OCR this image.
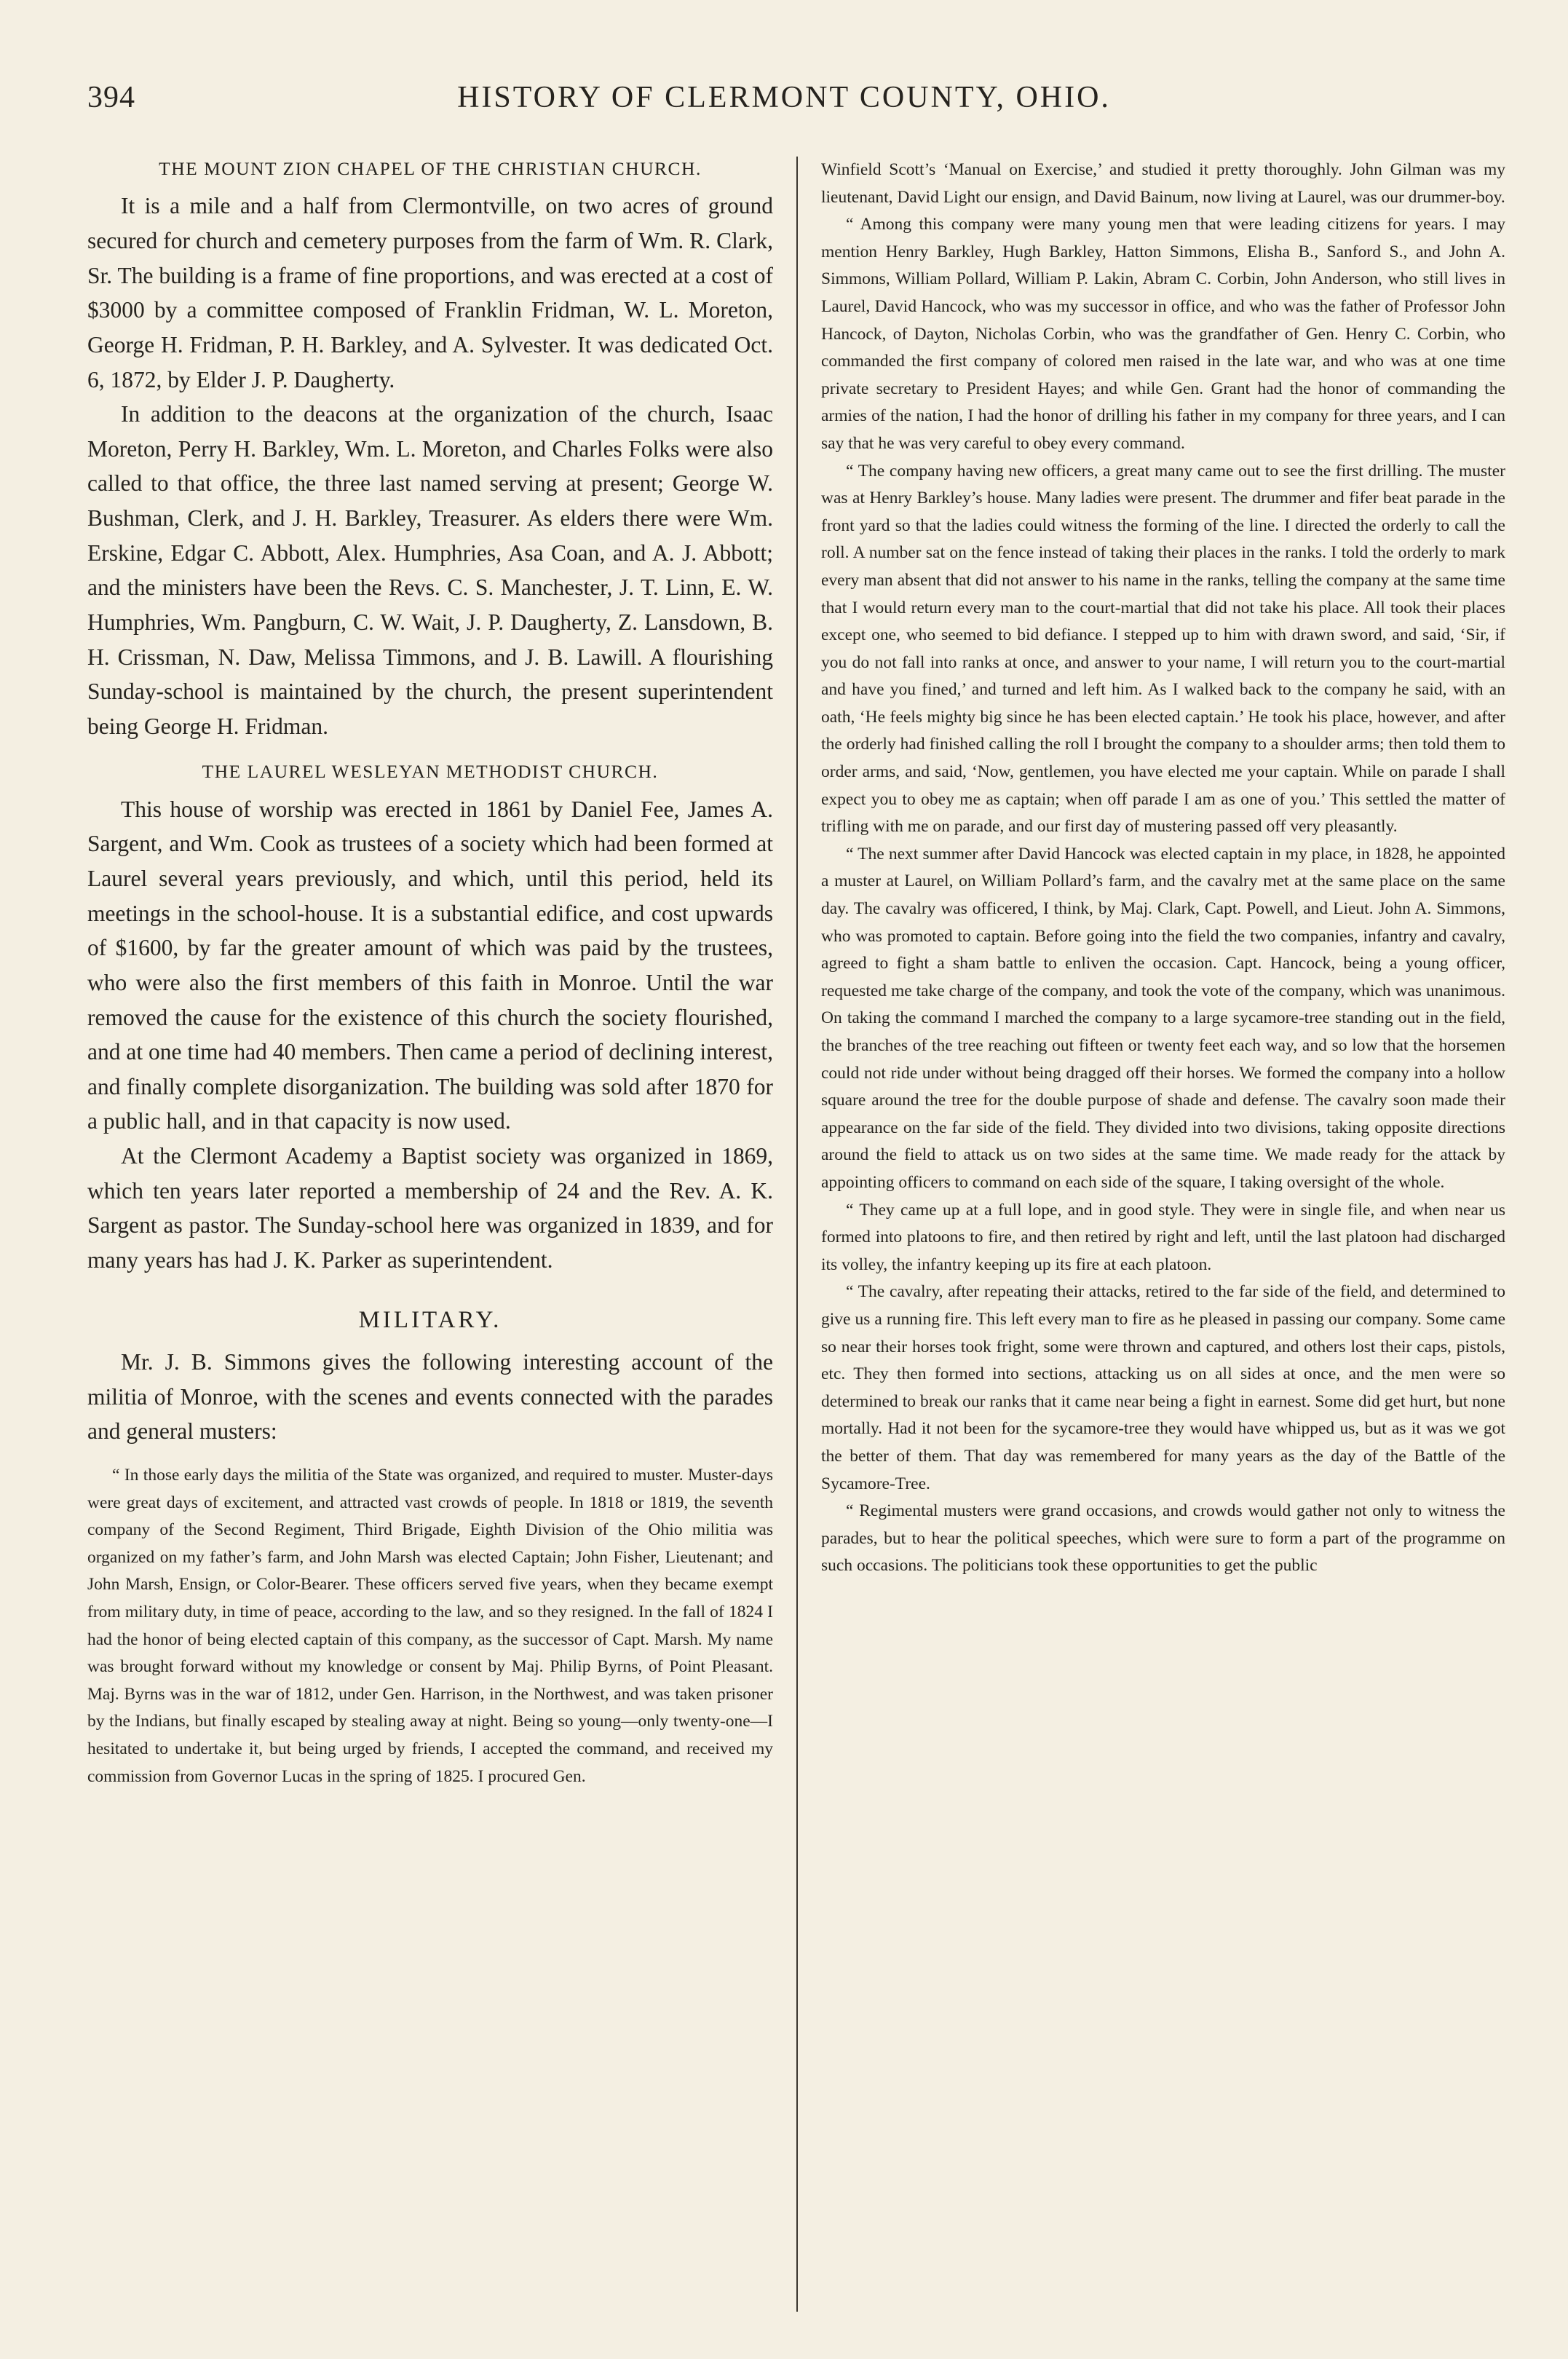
394	HISTORY OF CLERMONT COUNTY, OHIO.
THE MOUNT ZION CHAPEL OF THE CHRISTIAN CHURCH.

It is a mile and a half from Clermontville, on two acres of ground secured for church and cemetery purposes from the farm of Wm. R. Clark, Sr. The building is a frame of fine proportions, and was erected at a cost of $3000 by a committee composed of Franklin Fridman, W. L. Moreton, George H. Fridman, P. H. Barkley, and A. Sylvester. It was dedicated Oct. 6, 1872, by Elder J. P. Daugherty.

In addition to the deacons at the organization of the church, Isaac Moreton, Perry H. Barkley, Wm. L. Moreton, and Charles Folks were also called to that office, the three last named serving at present; George W. Bushman, Clerk, and J. H. Barkley, Treasurer. As elders there were Wm. Erskine, Edgar C. Abbott, Alex. Humphries, Asa Coan, and A. J. Abbott; and the ministers have been the Revs. C. S. Manchester, J. T. Linn, E. W. Humphries, Wm. Pangburn, C. W. Wait, J. P. Daugherty, Z. Lansdown, B. H. Crissman, N. Daw, Melissa Timmons, and J. B. Lawill. A flourishing Sunday-school is maintained by the church, the present superintendent being George H. Fridman.

THE LAUREL WESLEYAN METHODIST CHURCH.

This house of worship was erected in 1861 by Daniel Fee, James A. Sargent, and Wm. Cook as trustees of a society which had been formed at Laurel several years previously, and which, until this period, held its meetings in the school-house. It is a substantial edifice, and cost upwards of $1600, by far the greater amount of which was paid by the trustees, who were also the first members of this faith in Monroe. Until the war removed the cause for the existence of this church the society flourished, and at one time had 40 members. Then came a period of declining interest, and finally complete disorganization. The building was sold after 1870 for a public hall, and in that capacity is now used.

At the Clermont Academy a Baptist society was organized in 1869, which ten years later reported a membership of 24 and the Rev. A. K. Sargent as pastor. The Sunday-school here was organized in 1839, and for many years has had J. K. Parker as superintendent.

MILITARY.

Mr. J. B. Simmons gives the following interesting account of the militia of Monroe, with the scenes and events connected with the parades and general musters:

“ In those early days the militia of the State was organized, and required to muster. Muster-days were great days of excitement, and attracted vast crowds of people. In 1818 or 1819, the seventh company of the Second Regiment, Third Brigade, Eighth Division of the Ohio militia was organized on my father’s farm, and John Marsh was elected Captain; John Fisher, Lieutenant; and John Marsh, Ensign, or Color-Bearer. These officers served five years, when they became exempt from military duty, in time of peace, according to the law, and so they resigned. In the fall of 1824 I had the honor of being elected captain of this company, as the successor of Capt. Marsh. My name was brought forward without my knowledge or consent by Maj. Philip Byrns, of Point Pleasant. Maj. Byrns was in the war of 1812, under Gen. Harrison, in the Northwest, and was taken prisoner by the Indians, but finally escaped by stealing away at night. Being so young—only twenty-one—I hesitated to undertake it, but being urged by friends, I accepted the command, and received my commission from Governor Lucas in the spring of 1825. I procured Gen.

Winfield Scott’s ‘Manual on Exercise,’ and studied it pretty thoroughly. John Gilman was my lieutenant, David Light our ensign, and David Bainum, now living at Laurel, was our drummer-boy.

“ Among this company were many young men that were leading citizens for years. I may mention Henry Barkley, Hugh Barkley, Hatton Simmons, Elisha B., Sanford S., and John A. Simmons, William Pollard, William P. Lakin, Abram C. Corbin, John Anderson, who still lives in Laurel, David Hancock, who was my successor in office, and who was the father of Professor John Hancock, of Dayton, Nicholas Corbin, who was the grandfather of Gen. Henry C. Corbin, who commanded the first company of colored men raised in the late war, and who was at one time private secretary to President Hayes; and while Gen. Grant had the honor of commanding the armies of the nation, I had the honor of drilling his father in my company for three years, and I can say that he was very careful to obey every command.

“ The company having new officers, a great many came out to see the first drilling. The muster was at Henry Barkley’s house. Many ladies were present. The drummer and fifer beat parade in the front yard so that the ladies could witness the forming of the line. I directed the orderly to call the roll. A number sat on the fence instead of taking their places in the ranks. I told the orderly to mark every man absent that did not answer to his name in the ranks, telling the company at the same time that I would return every man to the court-martial that did not take his place. All took their places except one, who seemed to bid defiance. I stepped up to him with drawn sword, and said, ‘Sir, if you do not fall into ranks at once, and answer to your name, I will return you to the court-martial and have you fined,’ and turned and left him. As I walked back to the company he said, with an oath, ‘He feels mighty big since he has been elected captain.’ He took his place, however, and after the orderly had finished calling the roll I brought the company to a shoulder arms; then told them to order arms, and said, ‘Now, gentlemen, you have elected me your captain. While on parade I shall expect you to obey me as captain; when off parade I am as one of you.’ This settled the matter of trifling with me on parade, and our first day of mustering passed off very pleasantly.

“ The next summer after David Hancock was elected captain in my place, in 1828, he appointed a muster at Laurel, on William Pollard’s farm, and the cavalry met at the same place on the same day. The cavalry was officered, I think, by Maj. Clark, Capt. Powell, and Lieut. John A. Simmons, who was promoted to captain. Before going into the field the two companies, infantry and cavalry, agreed to fight a sham battle to enliven the occasion. Capt. Hancock, being a young officer, requested me take charge of the company, and took the vote of the company, which was unanimous. On taking the command I marched the company to a large sycamore-tree standing out in the field, the branches of the tree reaching out fifteen or twenty feet each way, and so low that the horsemen could not ride under without being dragged off their horses. We formed the company into a hollow square around the tree for the double purpose of shade and defense. The cavalry soon made their appearance on the far side of the field. They divided into two divisions, taking opposite directions around the field to attack us on two sides at the same time. We made ready for the attack by appointing officers to command on each side of the square, I taking oversight of the whole.

“ They came up at a full lope, and in good style. They were in single file, and when near us formed into platoons to fire, and then retired by right and left, until the last platoon had discharged its volley, the infantry keeping up its fire at each platoon.

“ The cavalry, after repeating their attacks, retired to the far side of the field, and determined to give us a running fire. This left every man to fire as he pleased in passing our company. Some came so near their horses took fright, some were thrown and captured, and others lost their caps, pistols, etc. They then formed into sections, attacking us on all sides at once, and the men were so determined to break our ranks that it came near being a fight in earnest. Some did get hurt, but none mortally. Had it not been for the sycamore-tree they would have whipped us, but as it was we got the better of them. That day was remembered for many years as the day of the Battle of the Sycamore-Tree.

“ Regimental musters were grand occasions, and crowds would gather not only to witness the parades, but to hear the political speeches, which were sure to form a part of the programme on such occasions. The politicians took these opportunities to get the public
